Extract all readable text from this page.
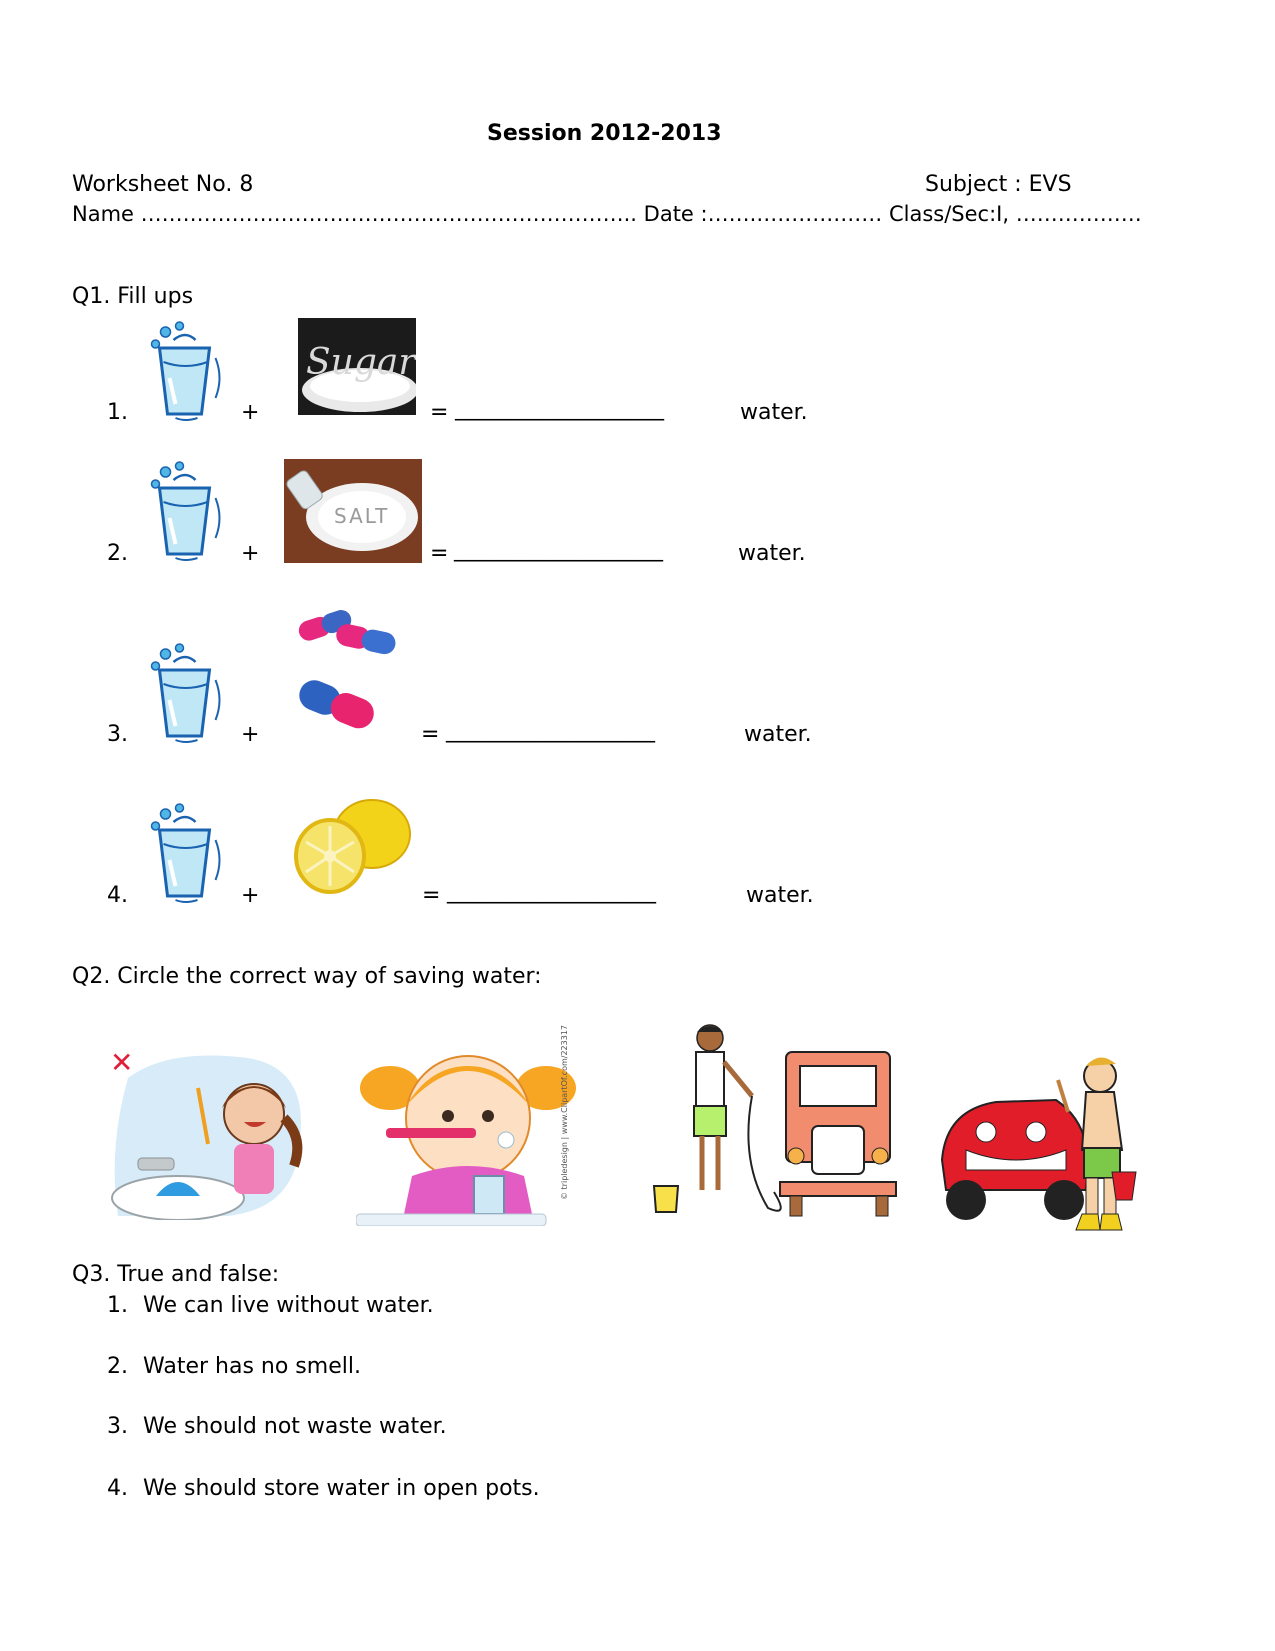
Session 2012-2013
Worksheet No. 8	Subject : EVS
Name …………………………………………………………….. Date :…….……………… Class/Sec:I, ………………
Q1. Fill ups
1.	+
Sugar
= ___________________	water.
2.	+
SALT
= ___________________	water.
3.	+	= ___________________	water.
4.	+	= ___________________	water.
Q2. Circle the correct way of saving water:
✕	© tripledesign | www.ClipartOf.com/223317
Q3. True and false:
1. We can live without water.
2. Water has no smell.
3. We should not waste water.
4. We should store water in open pots.
